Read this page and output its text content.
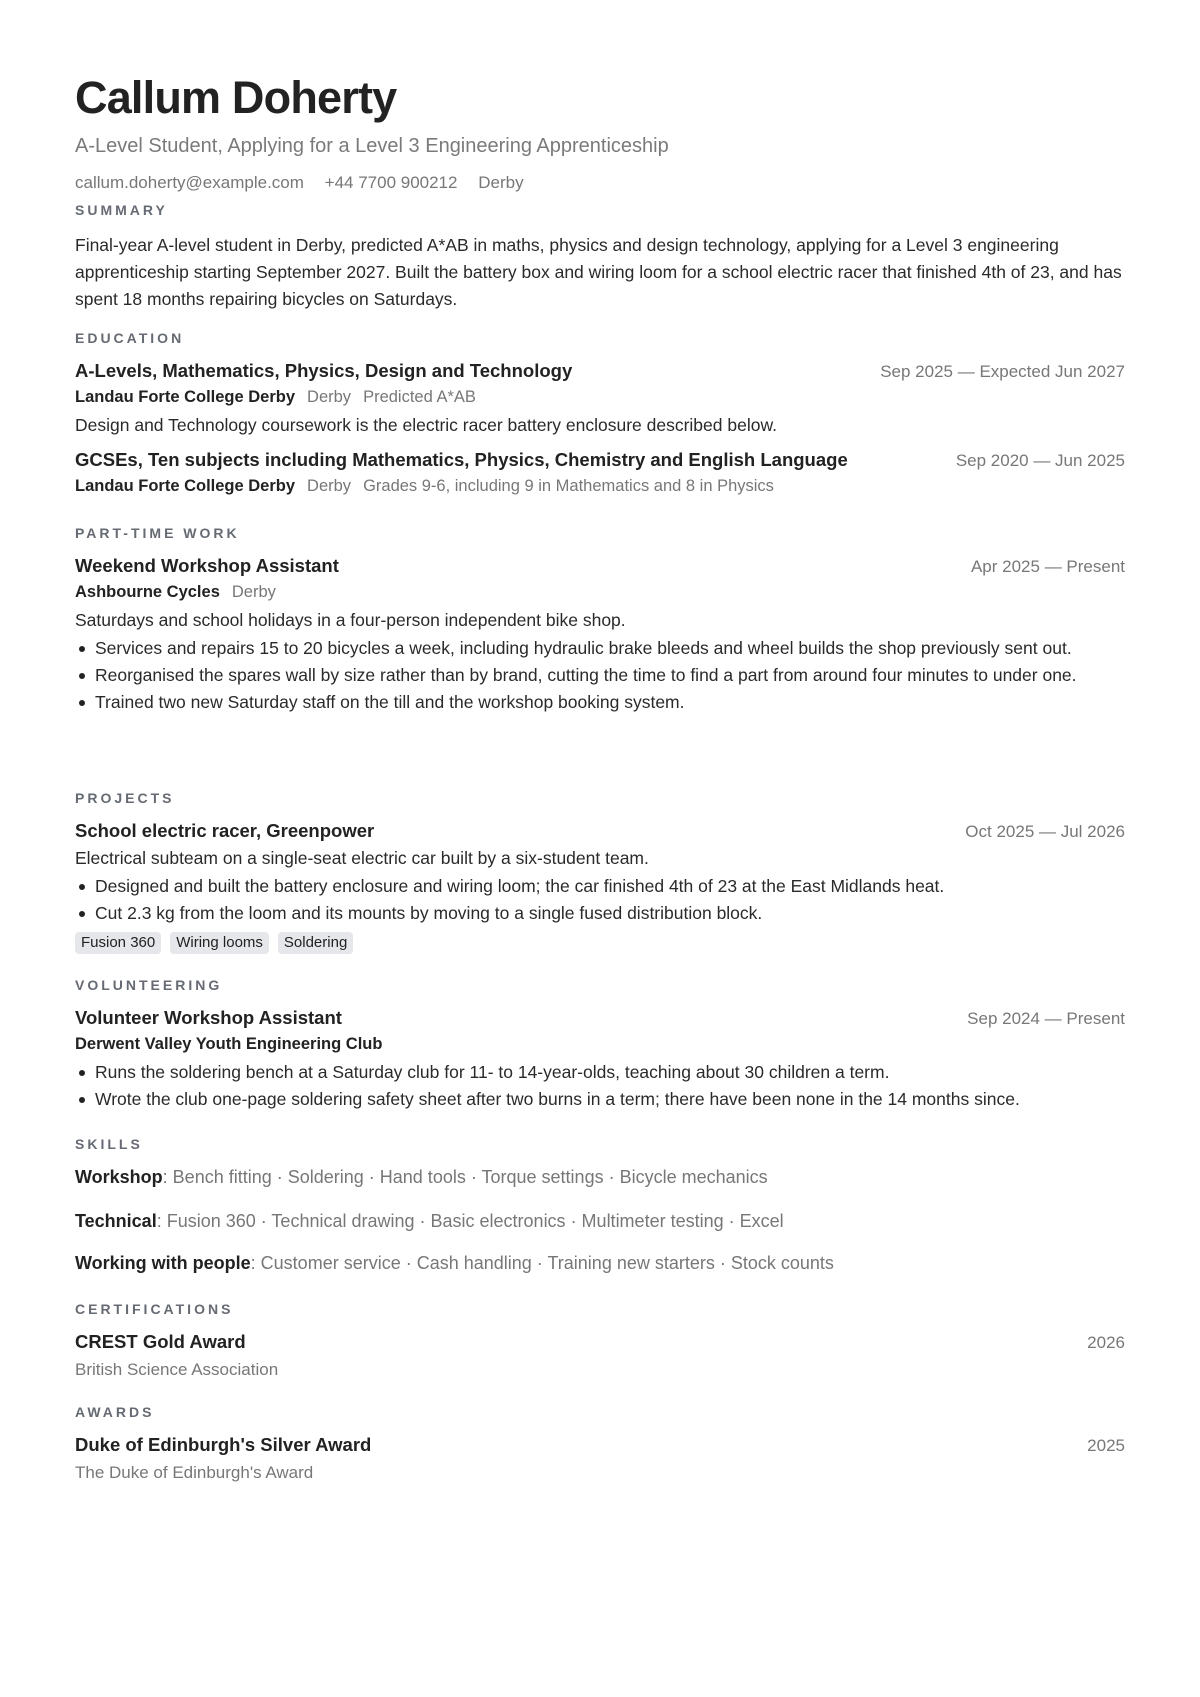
Callum Doherty
A-Level Student, Applying for a Level 3 Engineering Apprenticeship
callum.doherty@example.com +44 7700 900212 Derby
SUMMARY
Final-year A-level student in Derby, predicted A*AB in maths, physics and design technology, applying for a Level 3 engineering apprenticeship starting September 2027. Built the battery box and wiring loom for a school electric racer that finished 4th of 23, and has spent 18 months repairing bicycles on Saturdays.
EDUCATION
A-Levels, Mathematics, Physics, Design and Technology	Sep 2025 — Expected Jun 2027
Landau Forte College Derby Derby Predicted A*AB
Design and Technology coursework is the electric racer battery enclosure described below.
GCSEs, Ten subjects including Mathematics, Physics, Chemistry and English Language	Sep 2020 — Jun 2025
Landau Forte College Derby Derby Grades 9-6, including 9 in Mathematics and 8 in Physics
PART-TIME WORK
Weekend Workshop Assistant	Apr 2025 — Present
Ashbourne Cycles Derby
Saturdays and school holidays in a four-person independent bike shop.
Services and repairs 15 to 20 bicycles a week, including hydraulic brake bleeds and wheel builds the shop previously sent out.
Reorganised the spares wall by size rather than by brand, cutting the time to find a part from around four minutes to under one.
Trained two new Saturday staff on the till and the workshop booking system.
PROJECTS
School electric racer, Greenpower	Oct 2025 — Jul 2026
Electrical subteam on a single-seat electric car built by a six-student team.
Designed and built the battery enclosure and wiring loom; the car finished 4th of 23 at the East Midlands heat.
Cut 2.3 kg from the loom and its mounts by moving to a single fused distribution block.
Fusion 360	Wiring looms	Soldering
VOLUNTEERING
Volunteer Workshop Assistant	Sep 2024 — Present
Derwent Valley Youth Engineering Club
Runs the soldering bench at a Saturday club for 11- to 14-year-olds, teaching about 30 children a term.
Wrote the club one-page soldering safety sheet after two burns in a term; there have been none in the 14 months since.
SKILLS
Workshop: Bench fitting · Soldering · Hand tools · Torque settings · Bicycle mechanics
Technical: Fusion 360 · Technical drawing · Basic electronics · Multimeter testing · Excel
Working with people: Customer service · Cash handling · Training new starters · Stock counts
CERTIFICATIONS
CREST Gold Award	2026
British Science Association
AWARDS
Duke of Edinburgh's Silver Award	2025
The Duke of Edinburgh's Award
